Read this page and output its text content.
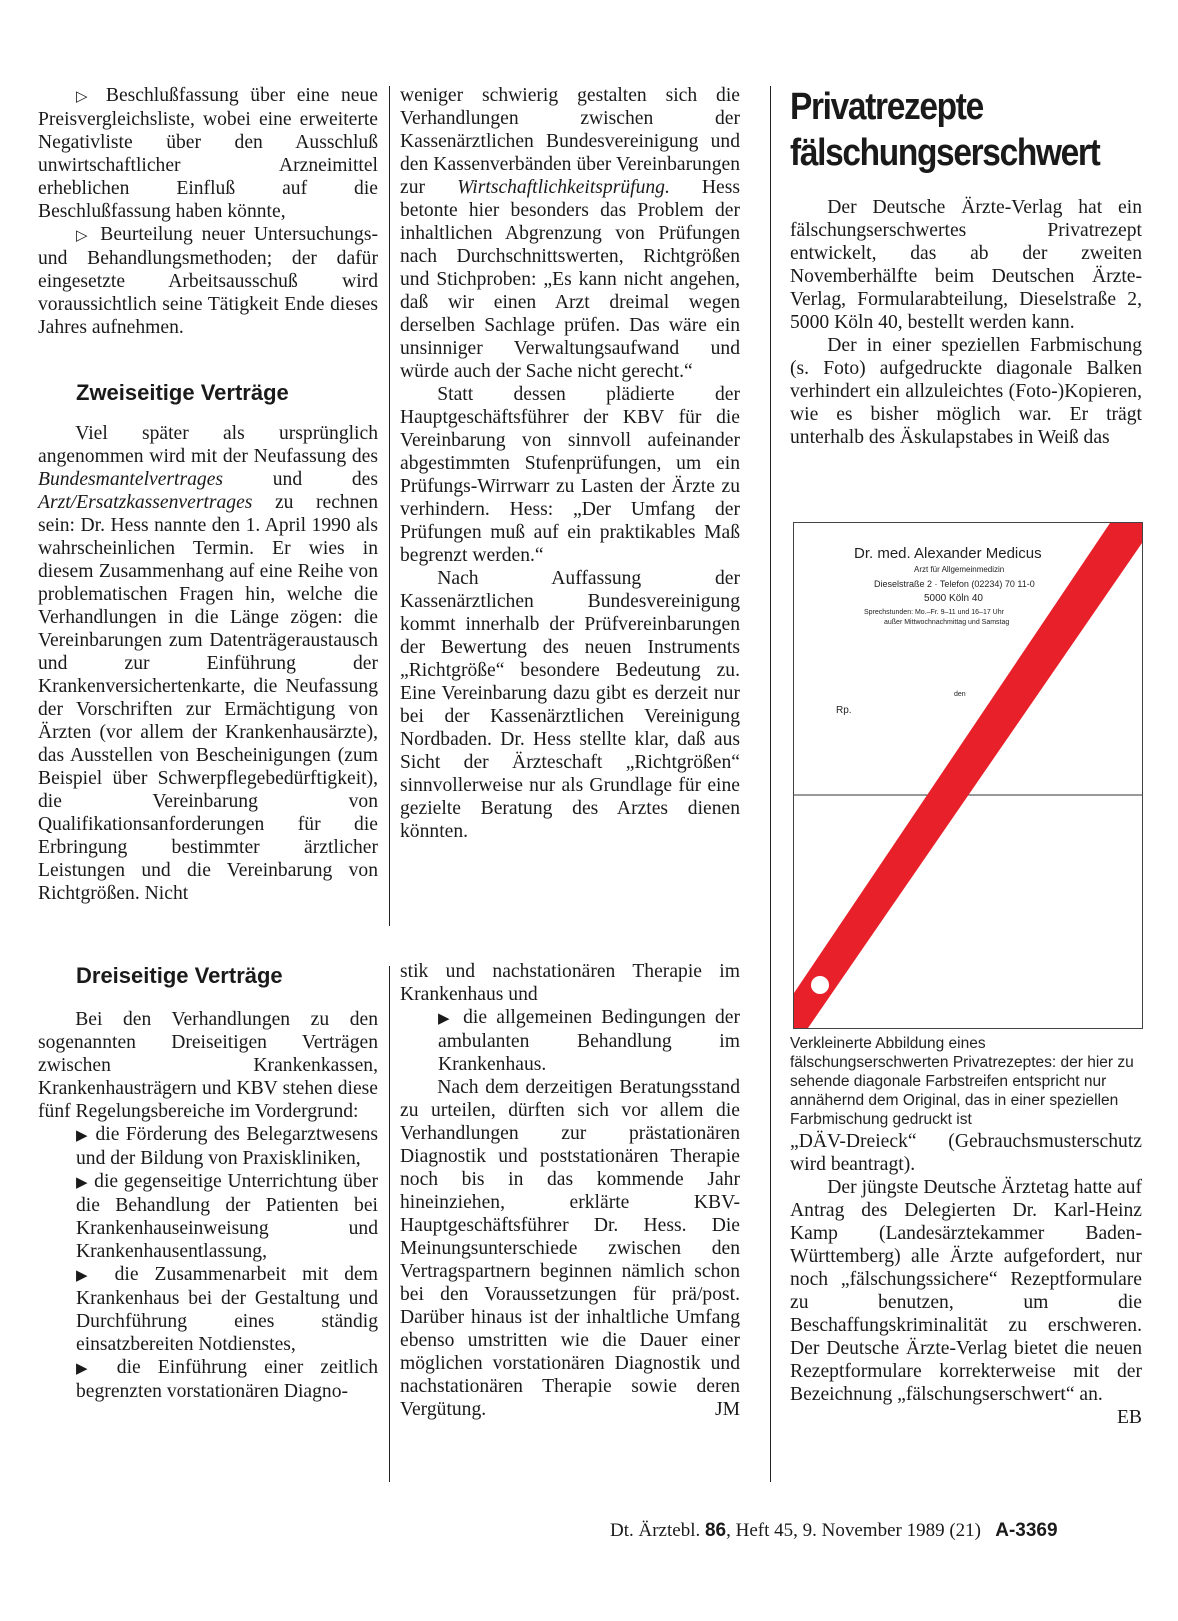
▷ Beschlußfassung über eine neue Preisvergleichsliste, wobei eine erweiterte Negativliste über den Ausschluß unwirtschaftlicher Arzneimittel erheblichen Einfluß auf die Beschlußfassung haben könnte,

▷ Beurteilung neuer Untersuchungs- und Behandlungsmethoden; der dafür eingesetzte Arbeitsausschuß wird voraussichtlich seine Tätigkeit Ende dieses Jahres aufnehmen.

Zweiseitige Verträge

Viel später als ursprünglich angenommen wird mit der Neufassung des Bundesmantelvertrages und des Arzt/Ersatzkassenvertrages zu rechnen sein: Dr. Hess nannte den 1. April 1990 als wahrscheinlichen Termin. Er wies in diesem Zusammenhang auf eine Reihe von problematischen Fragen hin, welche die Verhandlungen in die Länge zögen: die Vereinbarungen zum Datenträgeraustausch und zur Einführung der Krankenversichertenkarte, die Neufassung der Vorschriften zur Ermächtigung von Ärzten (vor allem der Krankenhausärzte), das Ausstellen von Bescheinigungen (zum Beispiel über Schwerpflegebedürftigkeit), die Vereinbarung von Qualifikationsanforderungen für die Erbringung bestimmter ärztlicher Leistungen und die Vereinbarung von Richtgrößen. Nicht

weniger schwierig gestalten sich die Verhandlungen zwischen der Kassenärztlichen Bundesvereinigung und den Kassenverbänden über Vereinbarungen zur Wirtschaftlichkeitsprüfung. Hess betonte hier besonders das Problem der inhaltlichen Abgrenzung von Prüfungen nach Durchschnittswerten, Richtgrößen und Stichproben: „Es kann nicht angehen, daß wir einen Arzt dreimal wegen derselben Sachlage prüfen. Das wäre ein unsinniger Verwaltungsaufwand und würde auch der Sache nicht gerecht.“

Statt dessen plädierte der Hauptgeschäftsführer der KBV für die Vereinbarung von sinnvoll aufeinander abgestimmten Stufenprüfungen, um ein Prüfungs-Wirrwarr zu Lasten der Ärzte zu verhindern. Hess: „Der Umfang der Prüfungen muß auf ein praktikables Maß begrenzt werden.“

Nach Auffassung der Kassenärztlichen Bundesvereinigung kommt innerhalb der Prüfvereinbarungen der Bewertung des neuen Instruments „Richtgröße“ besondere Bedeutung zu. Eine Vereinbarung dazu gibt es derzeit nur bei der Kassenärztlichen Vereinigung Nordbaden. Dr. Hess stellte klar, daß aus Sicht der Ärzteschaft „Richtgrößen“ sinnvollerweise nur als Grundlage für eine gezielte Beratung des Arztes dienen könnten.

Dreiseitige Verträge

Bei den Verhandlungen zu den sogenannten Dreiseitigen Verträgen zwischen Krankenkassen, Krankenhausträgern und KBV stehen diese fünf Regelungsbereiche im Vordergrund:

▶ die Förderung des Belegarztwesens und der Bildung von Praxiskliniken,

▶ die gegenseitige Unterrichtung über die Behandlung der Patienten bei Krankenhauseinweisung und Krankenhausentlassung,

▶ die Zusammenarbeit mit dem Krankenhaus bei der Gestaltung und Durchführung eines ständig einsatzbereiten Notdienstes,

▶ die Einführung einer zeitlich begrenzten vorstationären Diagno-

stik und nachstationären Therapie im Krankenhaus und

▶ die allgemeinen Bedingungen der ambulanten Behandlung im Krankenhaus.

Nach dem derzeitigen Beratungsstand zu urteilen, dürften sich vor allem die Verhandlungen zur prästationären Diagnostik und poststationären Therapie noch bis in das kommende Jahr hineinziehen, erklärte KBV-Hauptgeschäftsführer Dr. Hess. Die Meinungsunterschiede zwischen den Vertragspartnern beginnen nämlich schon bei den Voraussetzungen für prä/post. Darüber hinaus ist der inhaltliche Umfang ebenso umstritten wie die Dauer einer möglichen vorstationären Diagnostik und nachstationären Therapie sowie deren Vergütung.	JM

Privatrezepte fälschungserschwert

Der Deutsche Ärzte-Verlag hat ein fälschungserschwertes Privatrezept entwickelt, das ab der zweiten Novemberhälfte beim Deutschen Ärzte-Verlag, Formularabteilung, Dieselstraße 2, 5000 Köln 40, bestellt werden kann.

Der in einer speziellen Farbmischung (s. Foto) aufgedruckte diagonale Balken verhindert ein allzuleichtes (Foto-)Kopieren, wie es bisher möglich war. Er trägt unterhalb des Äskulapstabes in Weiß das

Dr. med. Alexander Medicus
Arzt für Allgemeinmedizin
Dieselstraße 2 · Telefon (02234) 70 11-0
5000 Köln 40
Sprechstunden: Mo.–Fr. 9–11 und 16–17 Uhr
außer Mittwochnachmittag und Samstag
den
Rp.
Verkleinerte Abbildung eines fälschungserschwerten Privatrezeptes: der hier zu sehende diagonale Farbstreifen entspricht nur annähernd dem Original, das in einer speziellen Farbmischung gedruckt ist

„DÄV-Dreieck“ (Gebrauchsmusterschutz wird beantragt).

Der jüngste Deutsche Ärztetag hatte auf Antrag des Delegierten Dr. Karl-Heinz Kamp (Landesärztekammer Baden-Württemberg) alle Ärzte aufgefordert, nur noch „fälschungssichere“ Rezeptformulare zu benutzen, um die Beschaffungskriminalität zu erschweren. Der Deutsche Ärzte-Verlag bietet die neuen Rezeptformulare korrekterweise mit der Bezeichnung „fälschungserschwert“ an.
EB

Dt. Ärztebl. 86, Heft 45, 9. November 1989 (21) A-3369
